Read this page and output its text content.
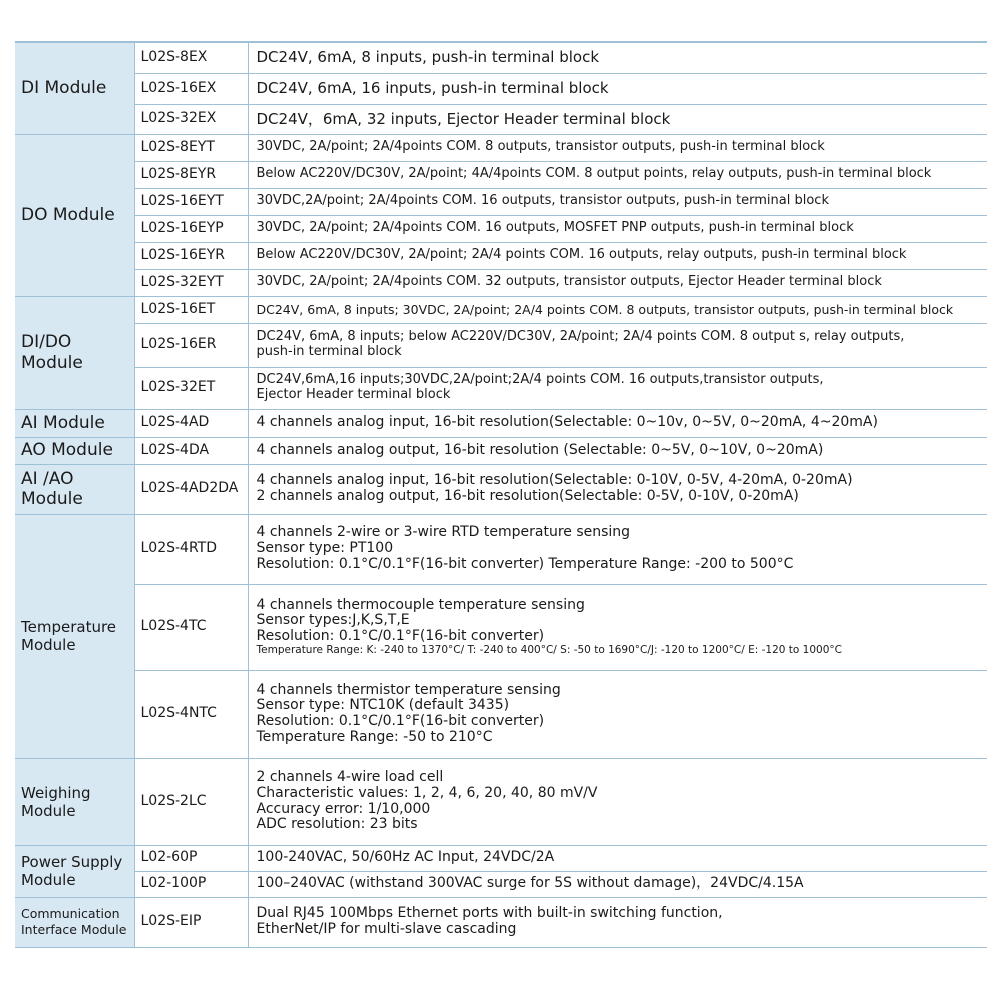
DI Module	L02S-8EX	DC24V, 6mA, 8 inputs, push-in terminal block

	L02S-16EX	DC24V, 6mA, 16 inputs, push-in terminal block

	L02S-32EX	DC24V，6mA, 32 inputs, Ejector Header terminal block

DO Module	L02S-8EYT	30VDC, 2A/point; 2A/4points COM. 8 outputs, transistor outputs, push-in terminal block

	L02S-8EYR	Below AC220V/DC30V, 2A/point; 4A/4points COM. 8 output points, relay outputs, push-in terminal block

	L02S-16EYT	30VDC,2A/point; 2A/4points COM. 16 outputs, transistor outputs, push-in terminal block

	L02S-16EYP	30VDC, 2A/point; 2A/4points COM. 16 outputs, MOSFET PNP outputs, push-in terminal block

	L02S-16EYR	Below AC220V/DC30V, 2A/point; 2A/4 points COM. 16 outputs, relay outputs, push-in terminal block

	L02S-32EYT	30VDC, 2A/point; 2A/4points COM. 32 outputs, transistor outputs, Ejector Header terminal block

DI/DO
Module	L02S-16ET	DC24V, 6mA, 8 inputs; 30VDC, 2A/point; 2A/4 points COM. 8 outputs, transistor outputs, push-in terminal block

	L02S-16ER	DC24V, 6mA, 8 inputs; below AC220V/DC30V, 2A/point; 2A/4 points COM. 8 output s, relay outputs,
push-in terminal block

	L02S-32ET	DC24V,6mA,16 inputs;30VDC,2A/point;2A/4 points COM. 16 outputs,transistor outputs,
Ejector Header terminal block

AI Module	L02S-4AD	4 channels analog input, 16-bit resolution(Selectable: 0~10v, 0~5V, 0~20mA, 4~20mA)

AO Module	L02S-4DA	4 channels analog output, 16-bit resolution (Selectable: 0~5V, 0~10V, 0~20mA)

AI /AO
Module	L02S-4AD2DA	4 channels analog input, 16-bit resolution(Selectable: 0-10V, 0-5V, 4-20mA, 0-20mA)
2 channels analog output, 16-bit resolution(Selectable: 0-5V, 0-10V, 0-20mA)

Temperature
Module	L02S-4RTD	4 channels 2-wire or 3-wire RTD temperature sensing
Sensor type: PT100
Resolution: 0.1°C/0.1°F(16-bit converter) Temperature Range: -200 to 500°C

	L02S-4TC	4 channels thermocouple temperature sensing
Sensor types:J,K,S,T,E
Resolution: 0.1°C/0.1°F(16-bit converter)
Temperature Range: K: -240 to 1370°C/ T: -240 to 400°C/ S: -50 to 1690°C/J: -120 to 1200°C/ E: -120 to 1000°C

	L02S-4NTC	4 channels thermistor temperature sensing
Sensor type: NTC10K (default 3435)
Resolution: 0.1°C/0.1°F(16-bit converter)
Temperature Range: -50 to 210°C

Weighing
Module	L02S-2LC	2 channels 4-wire load cell
Characteristic values: 1, 2, 4, 6, 20, 40, 80 mV/V
Accuracy error: 1/10,000
ADC resolution: 23 bits

Power Supply
Module	L02-60P	100-240VAC, 50/60Hz AC Input, 24VDC/2A

	L02-100P	100–240VAC (withstand 300VAC surge for 5S without damage)，24VDC/4.15A

Communication
Interface Module	L02S-EIP	Dual RJ45 100Mbps Ethernet ports with built-in switching function,
EtherNet/IP for multi-slave cascading
